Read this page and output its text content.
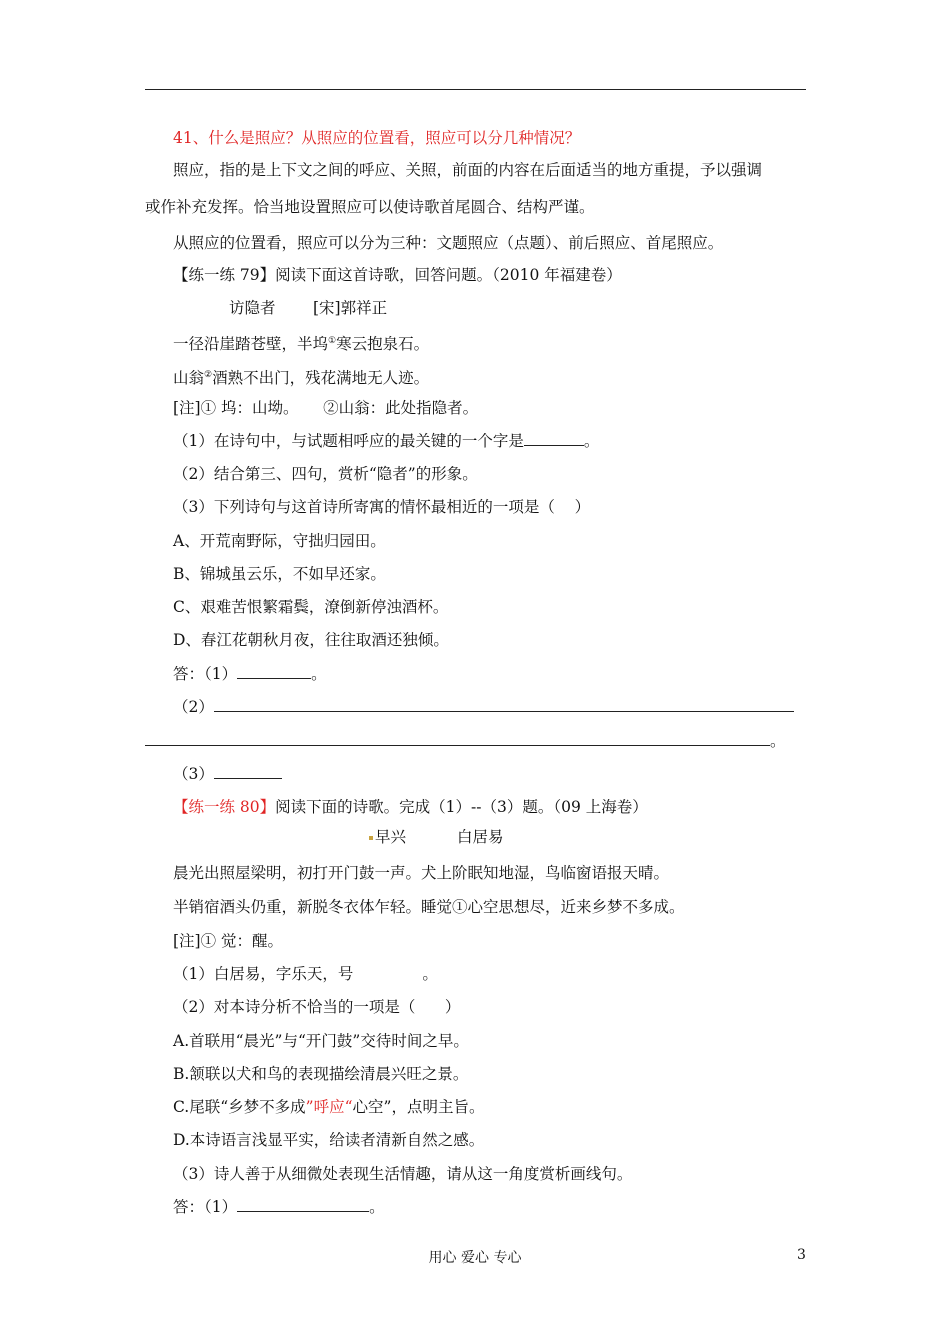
41、什么是照应？从照应的位置看，照应可以分几种情况？
照应，指的是上下文之间的呼应、关照，前面的内容在后面适当的地方重提，予以强调
或作补充发挥。恰当地设置照应可以使诗歌首尾圆合、结构严谨。
从照应的位置看，照应可以分为三种：文题照应（点题）、前后照应、首尾照应。
【练一练 79】阅读下面这首诗歌，回答问题。（2010 年福建卷）
访隐者 [宋]郭祥正
一径沿崖踏苍壁，半坞①寒云抱泉石。
山翁②酒熟不出门，残花满地无人迹。
[注]① 坞：山坳。     ②山翁：此处指隐者。
（1）在诗句中，与试题相呼应的最关键的一个字是	。
（2）结合第三、四句，赏析“隐者”的形象。
（3）下列诗句与这首诗所寄寓的情怀最相近的一项是（    ）
A、开荒南野际，守拙归园田。
B、锦城虽云乐，不如早还家。
C、艰难苦恨繁霜鬓，潦倒新停浊酒杯。
D、春江花朝秋月夜，往往取酒还独倾。
答：（1）	。
（2）
。
（3）
【练一练 80】阅读下面的诗歌。完成（1）--（3）题。（09 上海卷）
早兴	白居易
晨光出照屋梁明，初打开门鼓一声。犬上阶眠知地湿，鸟临窗语报天晴。
半销宿酒头仍重，新脱冬衣体乍轻。睡觉①心空思想尽，近来乡梦不多成。
[注]① 觉：醒。
（1）白居易，字乐天，号              。
（2）对本诗分析不恰当的一项是（      ）
A.首联用“晨光”与“开门鼓”交待时间之早。
B.颔联以犬和鸟的表现描绘清晨兴旺之景。
C.尾联“乡梦不多成”呼应“心空”，点明主旨。
D.本诗语言浅显平实，给读者清新自然之感。
（3）诗人善于从细微处表现生活情趣，请从这一角度赏析画线句。
答：（1）	。
用心 爱心 专心	3
